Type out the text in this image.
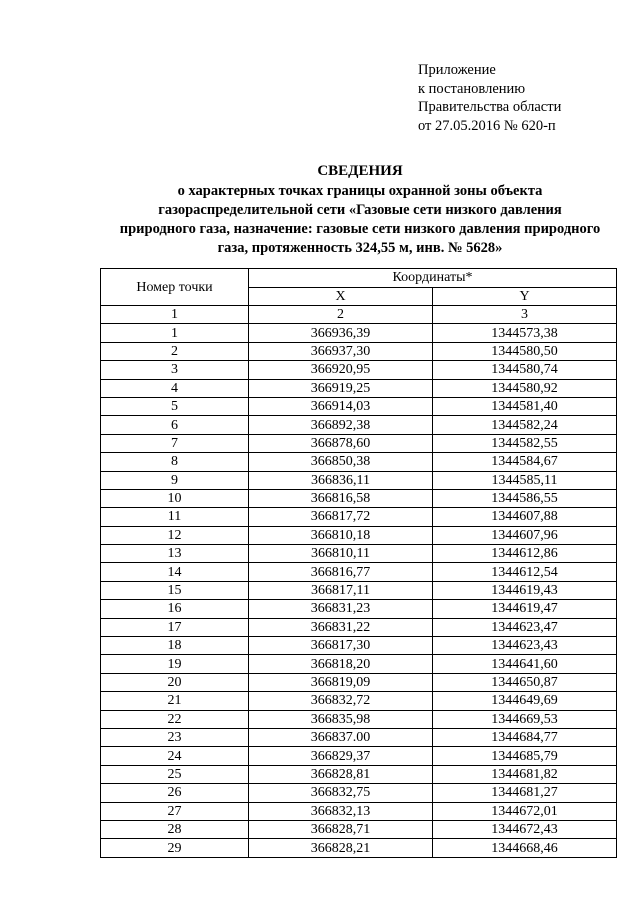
Приложение
к постановлению
Правительства области
от 27.05.2016 № 620-п
СВЕДЕНИЯ
о характерных точках границы охранной зоны объекта
газораспределительной сети «Газовые сети низкого давления
природного газа, назначение: газовые сети низкого давления природного
газа, протяженность 324,55 м, инв. № 5628»
Номер точки	Координаты*	
	X	Y
1	2	3
1	366936,39	1344573,38
2	366937,30	1344580,50
3	366920,95	1344580,74
4	366919,25	1344580,92
5	366914,03	1344581,40
6	366892,38	1344582,24
7	366878,60	1344582,55
8	366850,38	1344584,67
9	366836,11	1344585,11
10	366816,58	1344586,55
11	366817,72	1344607,88
12	366810,18	1344607,96
13	366810,11	1344612,86
14	366816,77	1344612,54
15	366817,11	1344619,43
16	366831,23	1344619,47
17	366831,22	1344623,47
18	366817,30	1344623,43
19	366818,20	1344641,60
20	366819,09	1344650,87
21	366832,72	1344649,69
22	366835,98	1344669,53
23	366837.00	1344684,77
24	366829,37	1344685,79
25	366828,81	1344681,82
26	366832,75	1344681,27
27	366832,13	1344672,01
28	366828,71	1344672,43
29	366828,21	1344668,46
